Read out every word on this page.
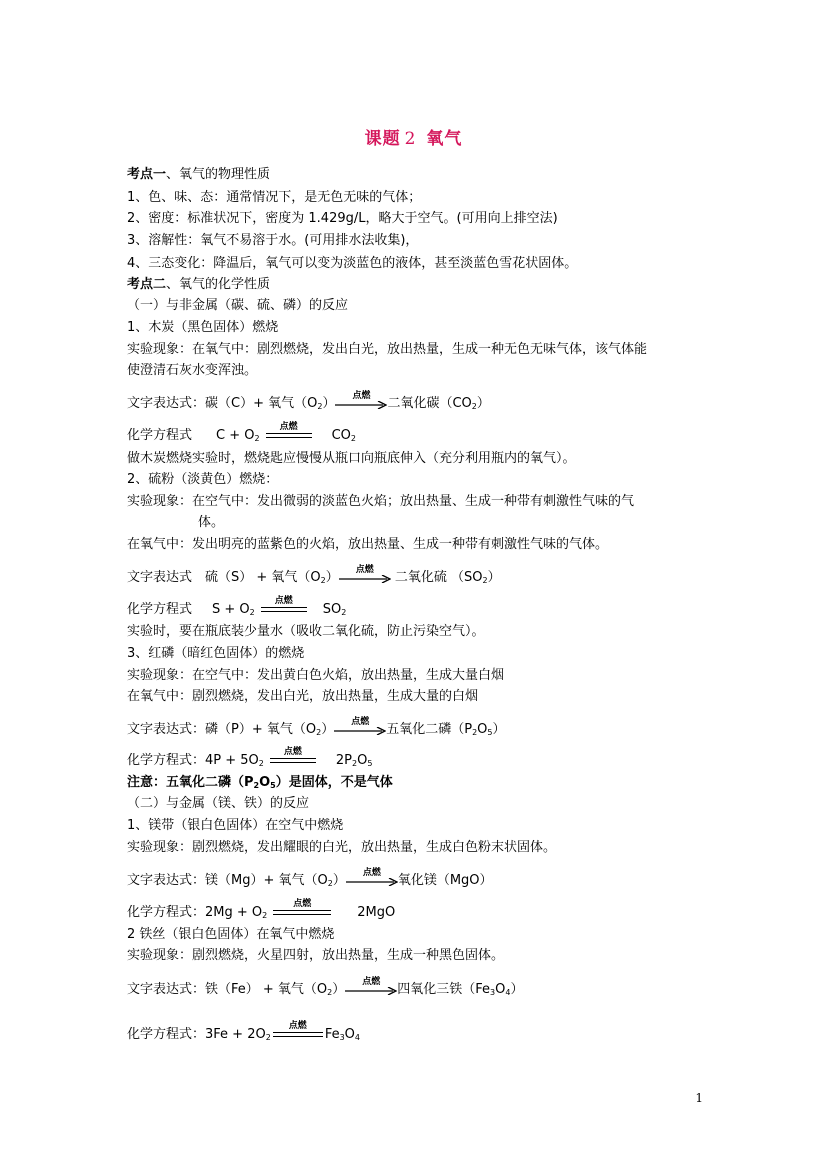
课题 2 氧气
考点一、氧气的物理性质
1、色、味、态：通常情况下，是无色无味的气体；
2、密度：标准状况下，密度为 1.429g/L，略大于空气。(可用向上排空法)
3、溶解性：氧气不易溶于水。(可用排水法收集)，
4、三态变化：降温后，氧气可以变为淡蓝色的液体，甚至淡蓝色雪花状固体。
考点二、氧气的化学性质
（一）与非金属（碳、硫、磷）的反应
1、木炭（黑色固体）燃烧
实验现象：在氧气中：剧烈燃烧，发出白光，放出热量，生成一种无色无味气体，该气体能
使澄清石灰水变浑浊。
文字表达式：碳（C）+ 氧气$(O_2)$
点燃
二氧化碳$(CO_2)$
化学方程式 $C + O_2$
点燃
$CO_2$
做木炭燃烧实验时，燃烧匙应慢慢从瓶口向瓶底伸入（充分利用瓶内的氧气）。
2、硫粉（淡黄色）燃烧：
实验现象：在空气中：发出微弱的淡蓝色火焰；放出热量、生成一种带有刺激性气味的气
体。
在氧气中：发出明亮的蓝紫色的火焰，放出热量、生成一种带有刺激性气味的气体。
文字表达式　硫（S） + 氧气$(O_2)$
点燃
二氧化硫 $(SO_2)$
化学方程式 $S + O_2$
点燃
$SO_2$
实验时，要在瓶底装少量水（吸收二氧化硫，防止污染空气）。
3、红磷（暗红色固体）的燃烧
实验现象：在空气中：发出黄白色火焰，放出热量，生成大量白烟
在氧气中：剧烈燃烧，发出白光，放出热量，生成大量的白烟
文字表达式：磷（P）+ 氧气$(O_2)$
点燃
五氧化二磷$(P_2O_5)$
化学方程式：$4P + 5O_2$
点燃
$2P_2O_5$
注意：五氧化二磷$(P_2O_5)$是固体，不是气体
（二）与金属（镁、铁）的反应
1、镁带（银白色固体）在空气中燃烧
实验现象：剧烈燃烧，发出耀眼的白光，放出热量，生成白色粉末状固体。
文字表达式：镁（Mg）+ 氧气$(O_2)$
点燃
氧化镁（MgO）
化学方程式：$2Mg + O_2$
点燃
2MgO
2 铁丝（银白色固体）在氧气中燃烧
实验现象：剧烈燃烧，火星四射，放出热量，生成一种黑色固体。
文字表达式：铁（Fe） + 氧气$(O_2)$
点燃
四氧化三铁$(Fe_3O_4)$
化学方程式：$3Fe + 2O_2$
点燃
$Fe_3O_4$
1
